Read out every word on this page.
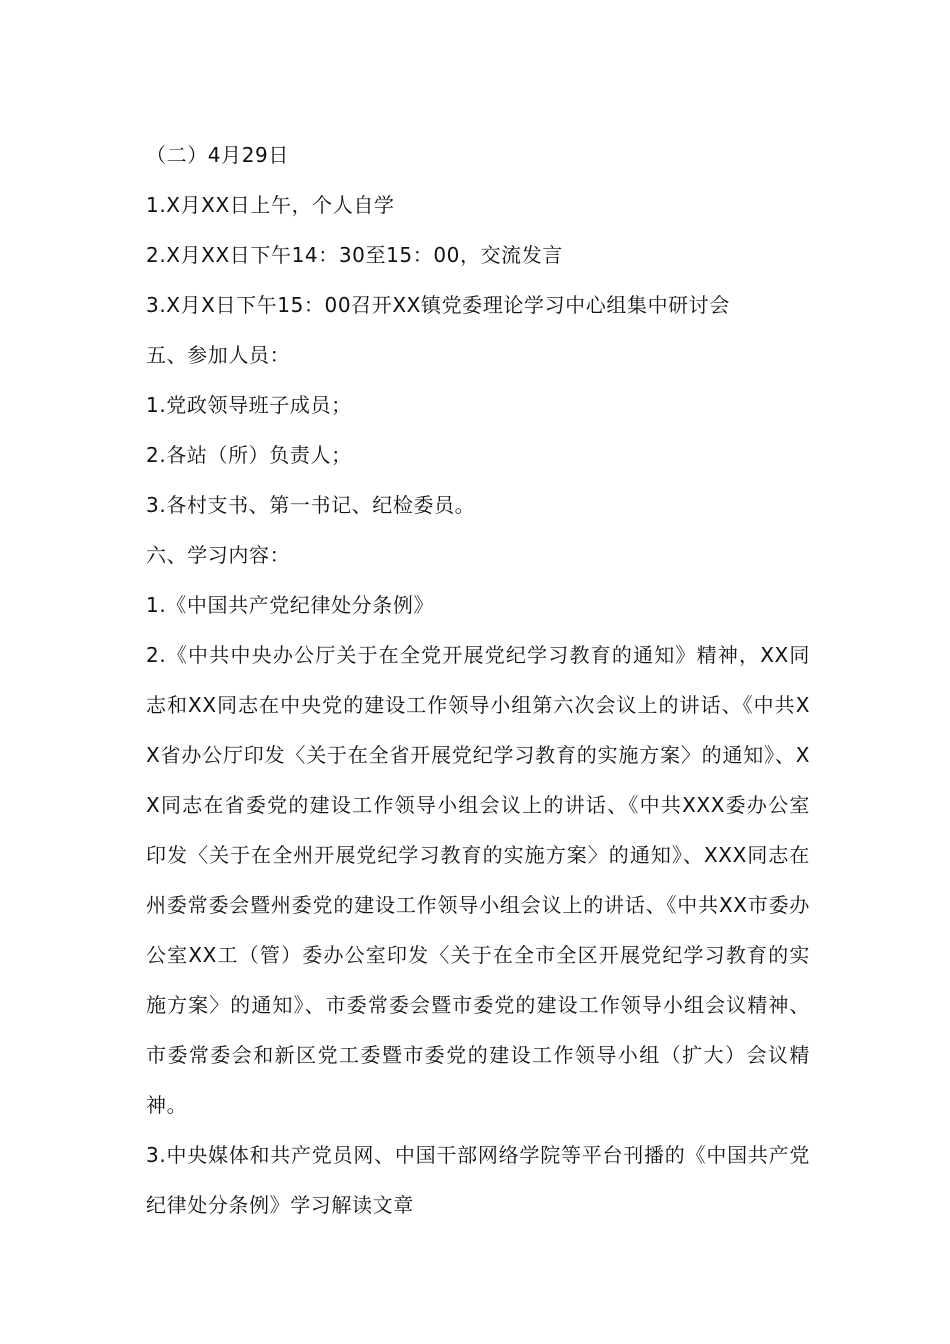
（二）4月29日
1.X月XX日上午，个人自学
2.X月XX日下午14：30至15：00，交流发言
3.X月X日下午15：00召开XX镇党委理论学习中心组集中研讨会
五、参加人员：
1.党政领导班子成员；
2.各站（所）负责人；
3.各村支书、第一书记、纪检委员。
六、学习内容：
1.《中国共产党纪律处分条例》
2.《中共中央办公厅关于在全党开展党纪学习教育的通知》精神，XX同志和XX同志在中央党的建设工作领导小组第六次会议上的讲话、《中共XX省办公厅印发〈关于在全省开展党纪学习教育的实施方案〉的通知》、XX同志在省委党的建设工作领导小组会议上的讲话、《中共XXX委办公室印发〈关于在全州开展党纪学习教育的实施方案〉的通知》、XXX同志在州委常委会暨州委党的建设工作领导小组会议上的讲话、《中共XX市委办公室XX工（管）委办公室印发〈关于在全市全区开展党纪学习教育的实施方案〉的通知》、市委常委会暨市委党的建设工作领导小组会议精神、市委常委会和新区党工委暨市委党的建设工作领导小组（扩大）会议精神。
3.中央媒体和共产党员网、中国干部网络学院等平台刊播的《中国共产党纪律处分条例》学习解读文章
